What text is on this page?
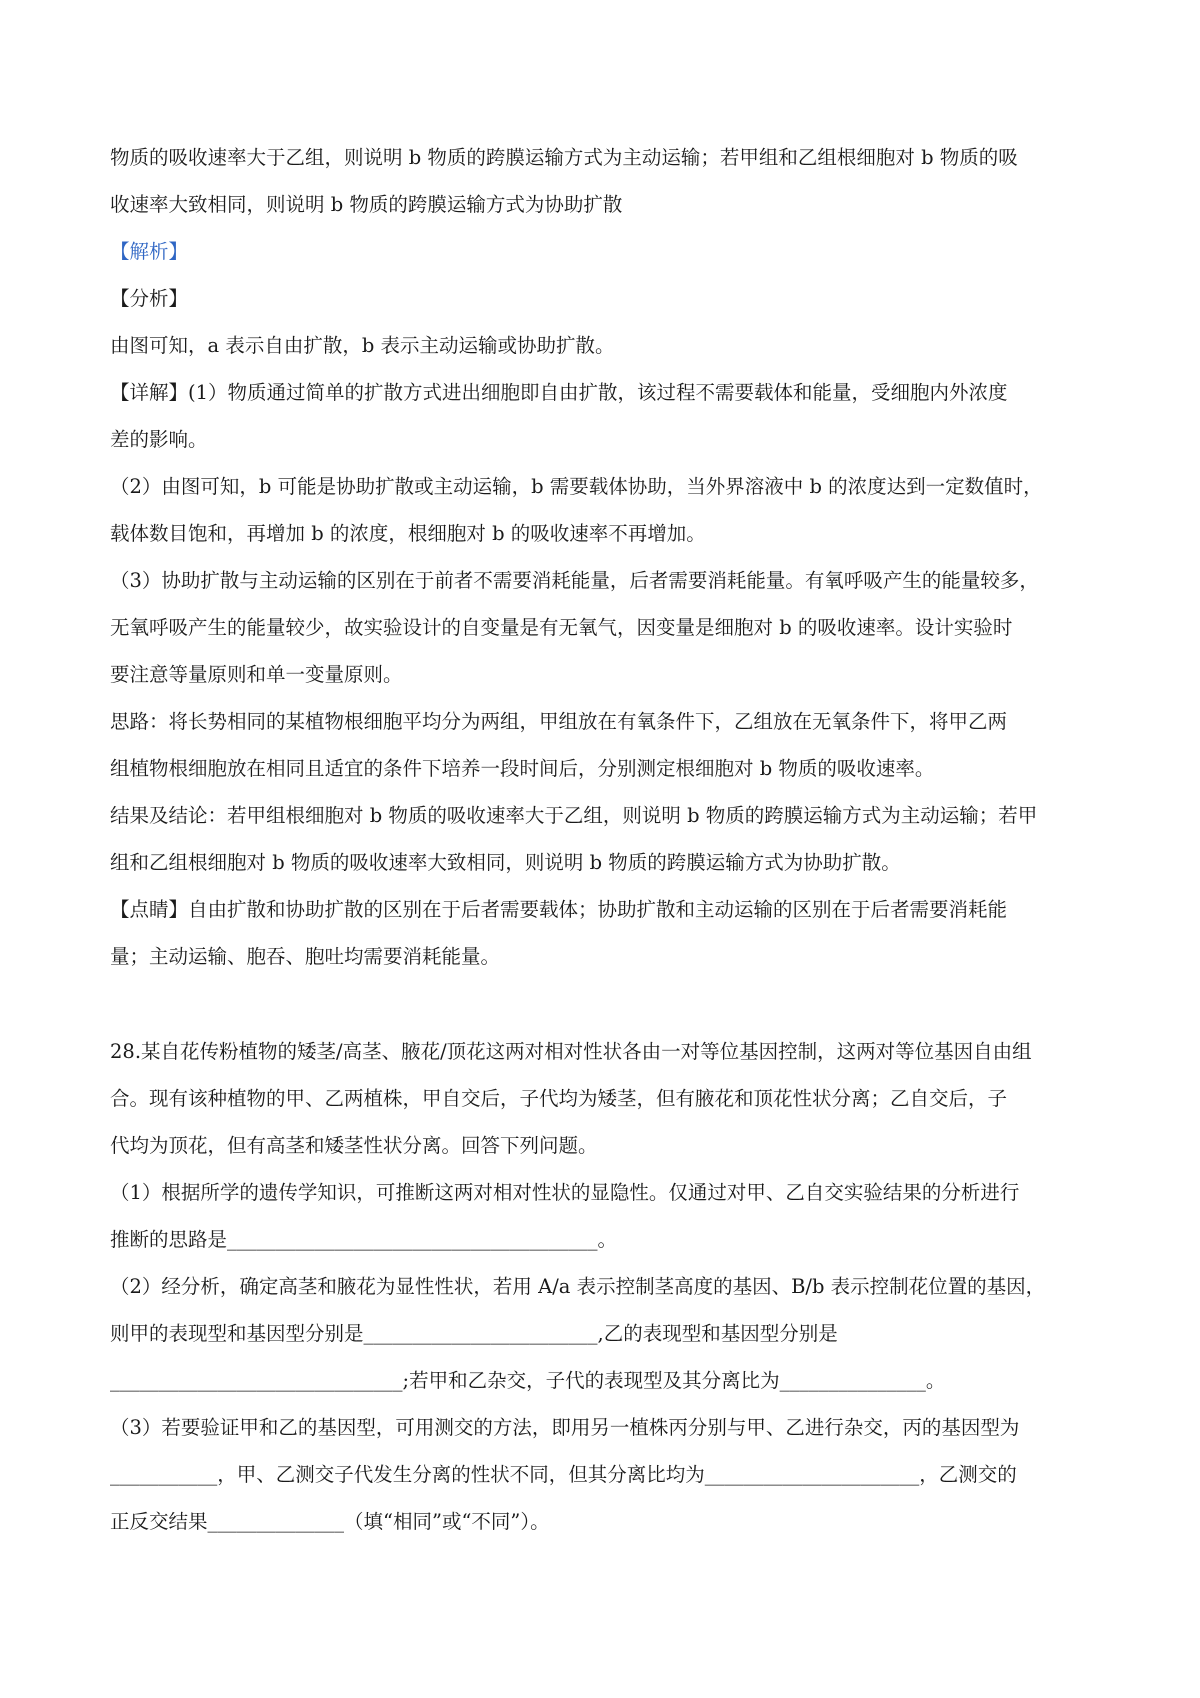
物质的吸收速率大于乙组，则说明 b 物质的跨膜运输方式为主动运输；若甲组和乙组根细胞对 b 物质的吸
收速率大致相同，则说明 b 物质的跨膜运输方式为协助扩散
【解析】
【分析】
由图可知，a 表示自由扩散，b 表示主动运输或协助扩散。
【详解】(1）物质通过简单的扩散方式进出细胞即自由扩散，该过程不需要载体和能量，受细胞内外浓度
差的影响。
（2）由图可知，b 可能是协助扩散或主动运输，b 需要载体协助，当外界溶液中 b 的浓度达到一定数值时，
载体数目饱和，再增加 b 的浓度，根细胞对 b 的吸收速率不再增加。
（3）协助扩散与主动运输的区别在于前者不需要消耗能量，后者需要消耗能量。有氧呼吸产生的能量较多，
无氧呼吸产生的能量较少，故实验设计的自变量是有无氧气，因变量是细胞对 b 的吸收速率。设计实验时
要注意等量原则和单一变量原则。
思路：将长势相同的某植物根细胞平均分为两组，甲组放在有氧条件下，乙组放在无氧条件下，将甲乙两
组植物根细胞放在相同且适宜的条件下培养一段时间后，分别测定根细胞对 b 物质的吸收速率。
结果及结论：若甲组根细胞对 b 物质的吸收速率大于乙组，则说明 b 物质的跨膜运输方式为主动运输；若甲
组和乙组根细胞对 b 物质的吸收速率大致相同，则说明 b 物质的跨膜运输方式为协助扩散。
【点睛】自由扩散和协助扩散的区别在于后者需要载体；协助扩散和主动运输的区别在于后者需要消耗能
量；主动运输、胞吞、胞吐均需要消耗能量。
28.某自花传粉植物的矮茎/高茎、腋花/顶花这两对相对性状各由一对等位基因控制，这两对等位基因自由组
合。现有该种植物的甲、乙两植株，甲自交后，子代均为矮茎，但有腋花和顶花性状分离；乙自交后，子
代均为顶花，但有高茎和矮茎性状分离。回答下列问题。
（1）根据所学的遗传学知识，可推断这两对相对性状的显隐性。仅通过对甲、乙自交实验结果的分析进行
推断的思路是______________________________________。
（2）经分析，确定高茎和腋花为显性性状，若用 A/a 表示控制茎高度的基因、B/b 表示控制花位置的基因，
则甲的表现型和基因型分别是________________________,乙的表现型和基因型分别是
______________________________;若甲和乙杂交，子代的表现型及其分离比为_______________。
（3）若要验证甲和乙的基因型，可用测交的方法，即用另一植株丙分别与甲、乙进行杂交，丙的基因型为
___________，甲、乙测交子代发生分离的性状不同，但其分离比均为______________________，乙测交的
正反交结果______________（填“相同”或“不同”）。
